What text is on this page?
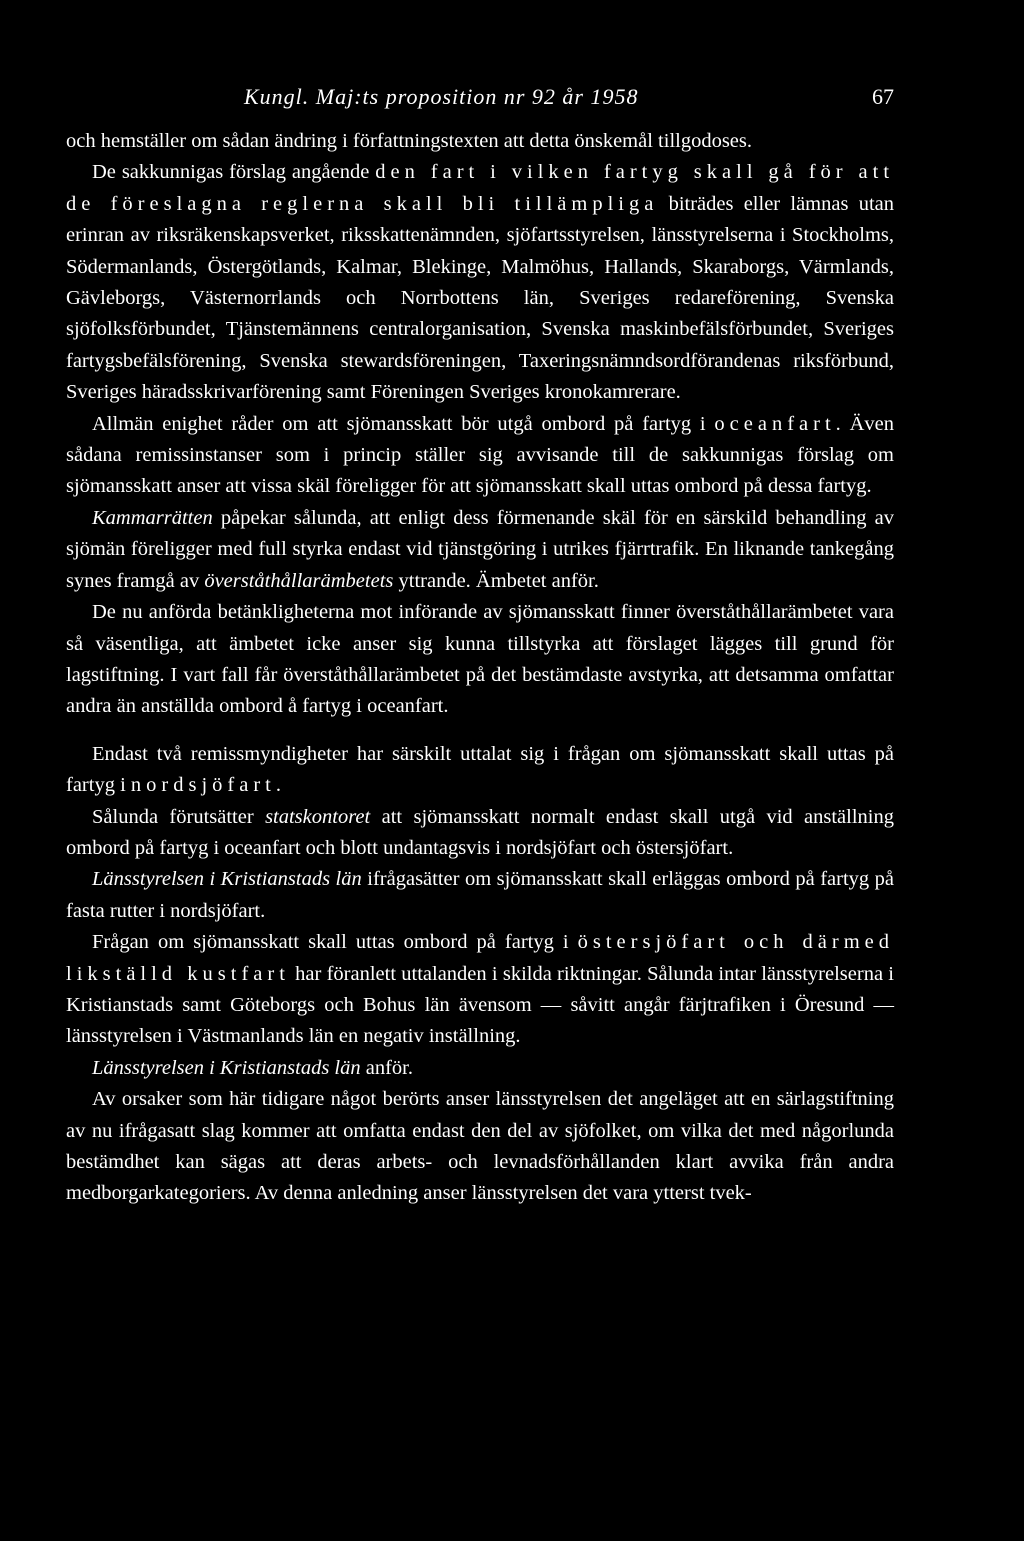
Kungl. Maj:ts proposition nr 92 år 1958	67

och hemställer om sådan ändring i författningstexten att detta önskemål tillgodoses.

De sakkunnigas förslag angående den fart i vilken fartyg skall gå för att de föreslagna reglerna skall bli tillämpliga biträdes eller lämnas utan erinran av riksräkenskapsverket, riksskattenämnden, sjöfartsstyrelsen, länsstyrelserna i Stockholms, Södermanlands, Östergötlands, Kalmar, Blekinge, Malmöhus, Hallands, Skaraborgs, Värmlands, Gävleborgs, Västernorrlands och Norrbottens län, Sveriges redareförening, Svenska sjöfolksförbundet, Tjänstemännens centralorganisation, Svenska maskinbefälsförbundet, Sveriges fartygsbefälsförening, Svenska stewardsföreningen, Taxeringsnämndsordförandenas riksförbund, Sveriges häradsskrivarförening samt Föreningen Sveriges kronokamrerare.

Allmän enighet råder om att sjömansskatt bör utgå ombord på fartyg i oceanfart. Även sådana remissinstanser som i princip ställer sig avvisande till de sakkunnigas förslag om sjömansskatt anser att vissa skäl föreligger för att sjömansskatt skall uttas ombord på dessa fartyg.

Kammarrätten påpekar sålunda, att enligt dess förmenande skäl för en särskild behandling av sjömän föreligger med full styrka endast vid tjänstgöring i utrikes fjärrtrafik. En liknande tankegång synes framgå av överståthållarämbetets yttrande. Ämbetet anför.

De nu anförda betänkligheterna mot införande av sjömansskatt finner överståthållarämbetet vara så väsentliga, att ämbetet icke anser sig kunna tillstyrka att förslaget lägges till grund för lagstiftning. I vart fall får överståthållarämbetet på det bestämdaste avstyrka, att detsamma omfattar andra än anställda ombord å fartyg i oceanfart.

Endast två remissmyndigheter har särskilt uttalat sig i frågan om sjömansskatt skall uttas på fartyg i nordsjöfart.

Sålunda förutsätter statskontoret att sjömansskatt normalt endast skall utgå vid anställning ombord på fartyg i oceanfart och blott undantagsvis i nordsjöfart och östersjöfart.

Länsstyrelsen i Kristianstads län ifrågasätter om sjömansskatt skall erläggas ombord på fartyg på fasta rutter i nordsjöfart.

Frågan om sjömansskatt skall uttas ombord på fartyg i östersjöfart och därmed likställd kustfart har föranlett uttalanden i skilda riktningar. Sålunda intar länsstyrelserna i Kristianstads samt Göteborgs och Bohus län ävensom — såvitt angår färjtrafiken i Öresund — länsstyrelsen i Västmanlands län en negativ inställning.

Länsstyrelsen i Kristianstads län anför.

Av orsaker som här tidigare något berörts anser länsstyrelsen det angeläget att en särlagstiftning av nu ifrågasatt slag kommer att omfatta endast den del av sjöfolket, om vilka det med någorlunda bestämdhet kan sägas att deras arbets- och levnadsförhållanden klart avvika från andra medborgarkategoriers. Av denna anledning anser länsstyrelsen det vara ytterst tvek-
